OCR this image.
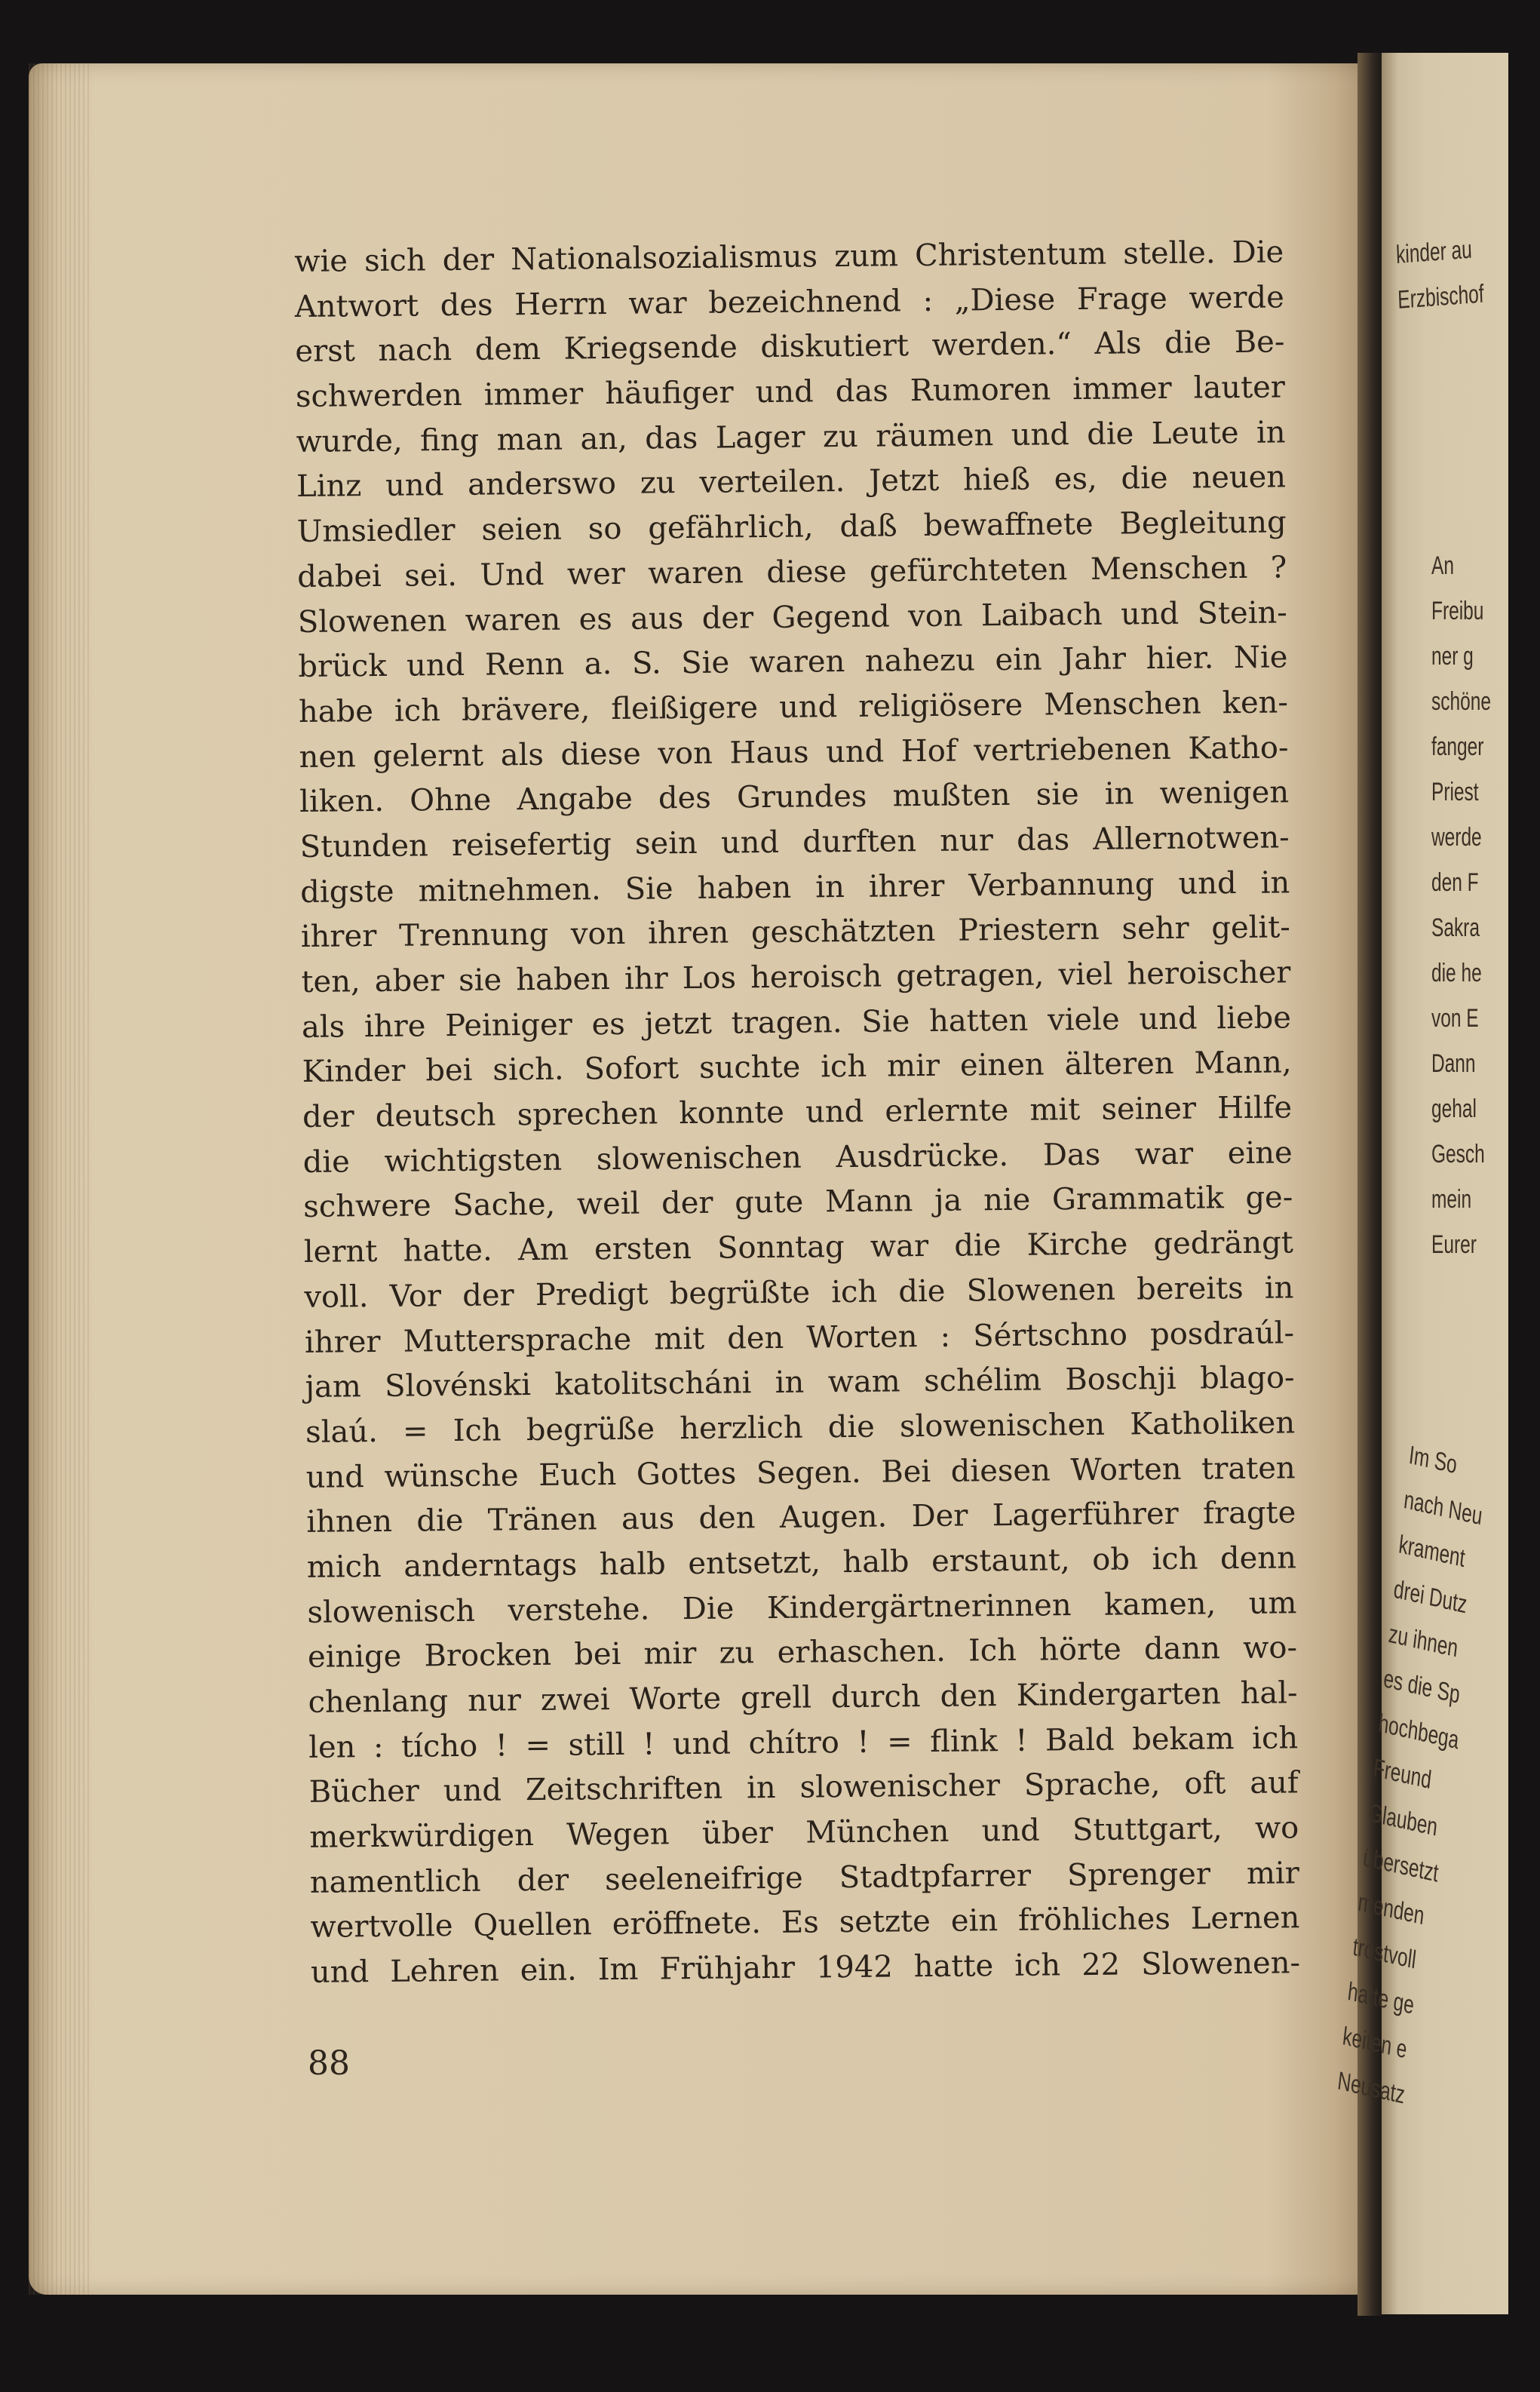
kinder au
Erzbischof
An
Freibu
ner g
schöne
fanger
Priest
werde
den F
Sakra
die he
von E
Dann
gehal
Gesch
mein
Eurer
Im So
nach Neu
krament
drei Dutz
zu ihnen
es die Sp
hochbega
Freund
Glauben
übersetzt
menden
trostvoll
hatte ge
keiten e
Neusatz
wie sich der Nationalsozialismus zum Christentum stelle. Die
Antwort des Herrn war bezeichnend : „Diese Frage werde
erst nach dem Kriegsende diskutiert werden.“ Als die Be-
schwerden immer häufiger und das Rumoren immer lauter
wurde, fing man an, das Lager zu räumen und die Leute in
Linz und anderswo zu verteilen. Jetzt hieß es, die neuen
Umsiedler seien so gefährlich, daß bewaffnete Begleitung
dabei sei. Und wer waren diese gefürchteten Menschen ?
Slowenen waren es aus der Gegend von Laibach und Stein-
brück und Renn a. S. Sie waren nahezu ein Jahr hier. Nie
habe ich brävere, fleißigere und religiösere Menschen ken-
nen gelernt als diese von Haus und Hof vertriebenen Katho-
liken. Ohne Angabe des Grundes mußten sie in wenigen
Stunden reisefertig sein und durften nur das Allernotwen-
digste mitnehmen. Sie haben in ihrer Verbannung und in
ihrer Trennung von ihren geschätzten Priestern sehr gelit-
ten, aber sie haben ihr Los heroisch getragen, viel heroischer
als ihre Peiniger es jetzt tragen. Sie hatten viele und liebe
Kinder bei sich. Sofort suchte ich mir einen älteren Mann,
der deutsch sprechen konnte und erlernte mit seiner Hilfe
die wichtigsten slowenischen Ausdrücke. Das war eine
schwere Sache, weil der gute Mann ja nie Grammatik ge-
lernt hatte. Am ersten Sonntag war die Kirche gedrängt
voll. Vor der Predigt begrüßte ich die Slowenen bereits in
ihrer Muttersprache mit den Worten : Sértschno posdraúl-
jam Slovénski katolitscháni in wam schélim Boschji blago-
slaú. = Ich begrüße herzlich die slowenischen Katholiken
und wünsche Euch Gottes Segen. Bei diesen Worten traten
ihnen die Tränen aus den Augen. Der Lagerführer fragte
mich anderntags halb entsetzt, halb erstaunt, ob ich denn
slowenisch verstehe. Die Kindergärtnerinnen kamen, um
einige Brocken bei mir zu erhaschen. Ich hörte dann wo-
chenlang nur zwei Worte grell durch den Kindergarten hal-
len : tícho ! = still ! und chítro ! = flink ! Bald bekam ich
Bücher und Zeitschriften in slowenischer Sprache, oft auf
merkwürdigen Wegen über München und Stuttgart, wo
namentlich der seeleneifrige Stadtpfarrer Sprenger mir
wertvolle Quellen eröffnete. Es setzte ein fröhliches Lernen
und Lehren ein. Im Frühjahr 1942 hatte ich 22 Slowenen-
88
